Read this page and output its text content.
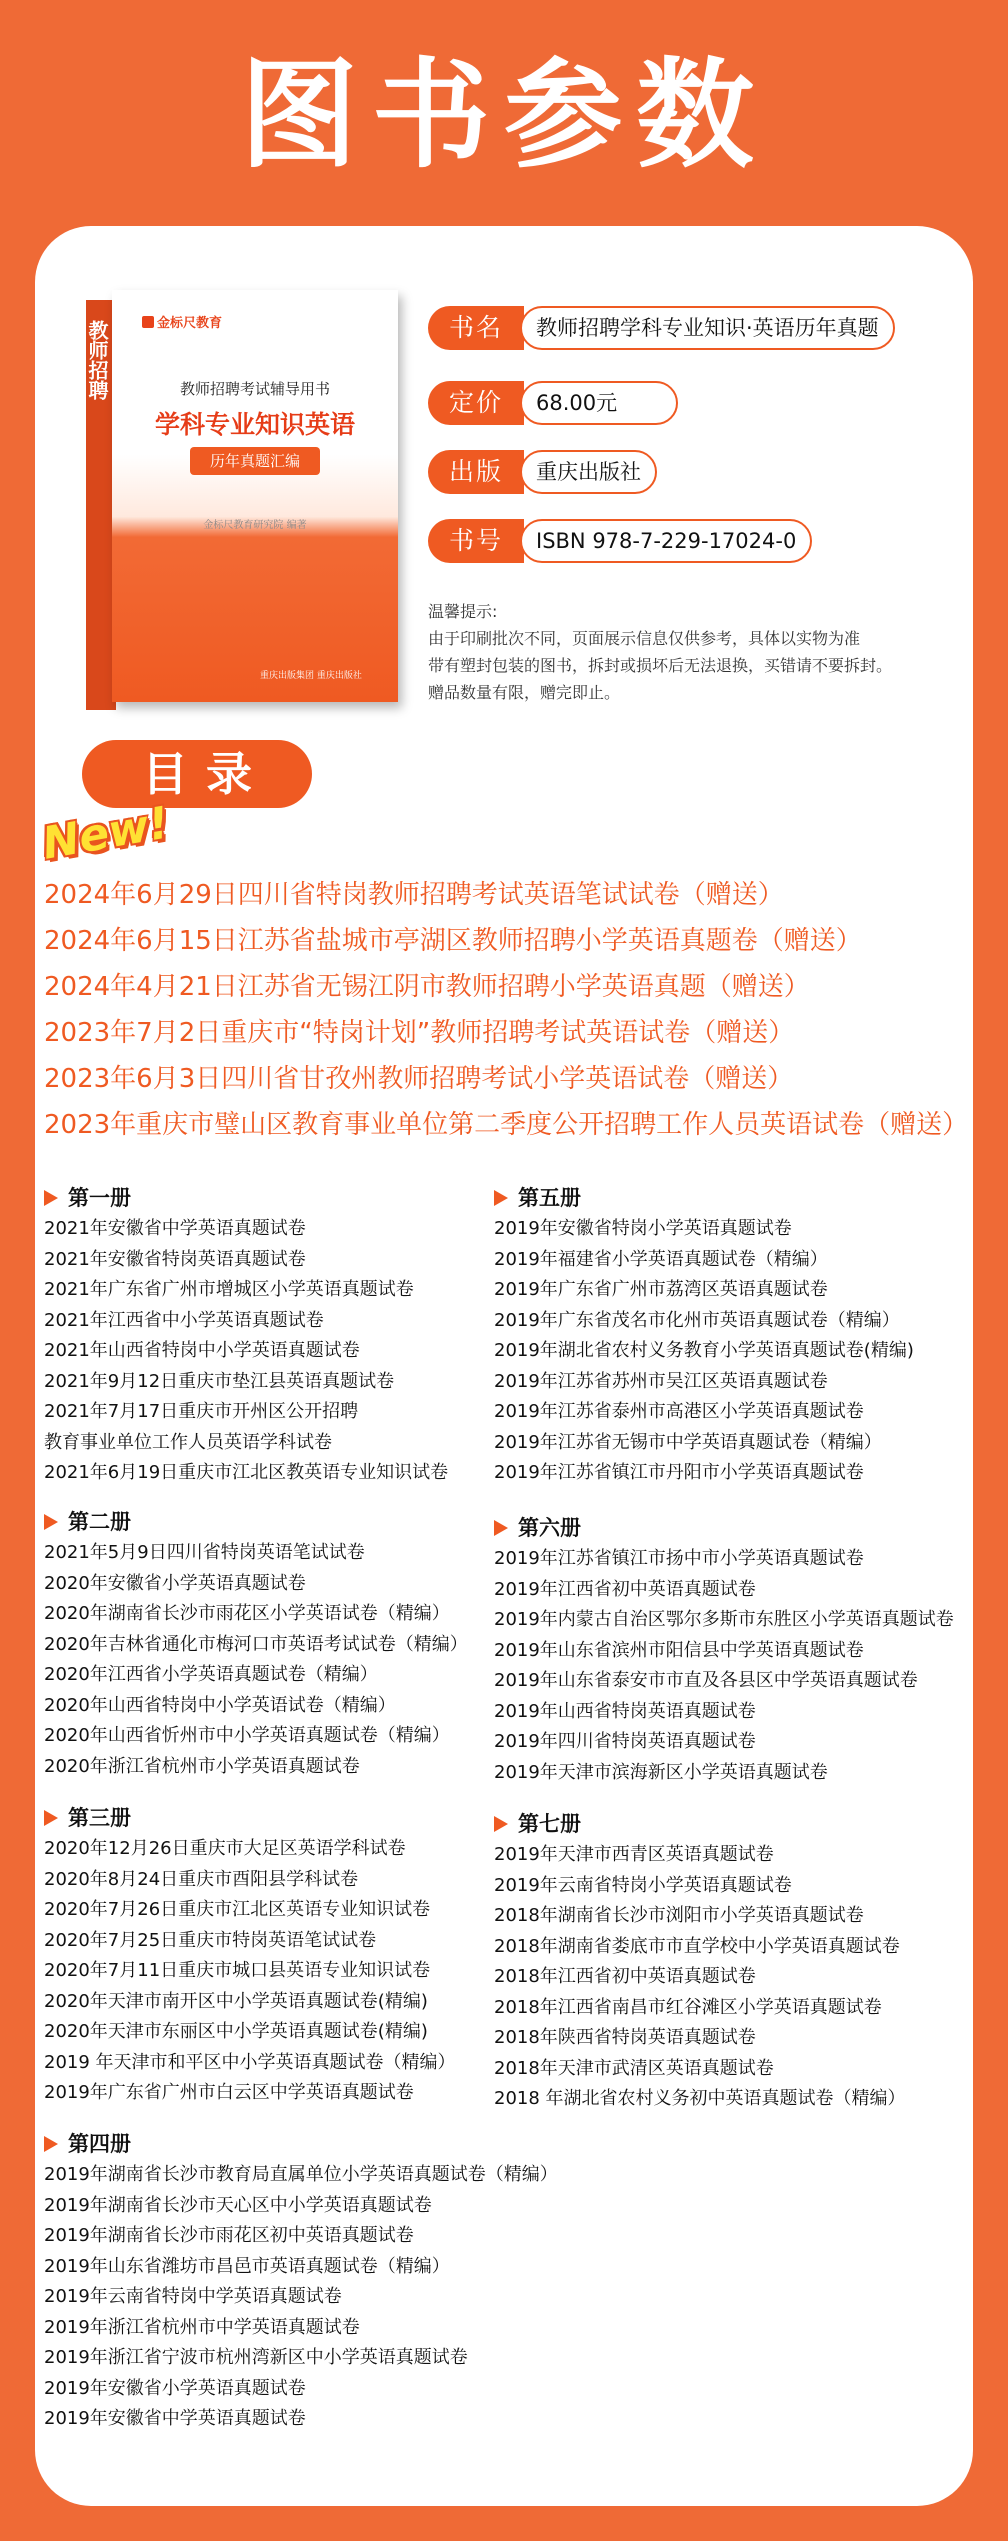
图书参数
教师招聘	金标尺教育
教师招聘考试辅导用书
学科专业知识英语
历年真题汇编
金标尺教育研究院 编著
重庆出版集团 重庆出版社
书名	教师招聘学科专业知识·英语历年真题
定价	68.00元
出版	重庆出版社
书号	ISBN 978-7-229-17024-0
温馨提示:
由于印刷批次不同，页面展示信息仅供参考，具体以实物为准
带有塑封包装的图书，拆封或损坏后无法退换，买错请不要拆封。
赠品数量有限，赠完即止。
目录
New!
2024年6月29日四川省特岗教师招聘考试英语笔试试卷（赠送）
2024年6月15日江苏省盐城市亭湖区教师招聘小学英语真题卷（赠送）
2024年4月21日江苏省无锡江阴市教师招聘小学英语真题（赠送）
2023年7月2日重庆市“特岗计划”教师招聘考试英语试卷（赠送）
2023年6月3日四川省甘孜州教师招聘考试小学英语试卷（赠送）
2023年重庆市璧山区教育事业单位第二季度公开招聘工作人员英语试卷（赠送）
第一册
2021年安徽省中学英语真题试卷
2021年安徽省特岗英语真题试卷
2021年广东省广州市增城区小学英语真题试卷
2021年江西省中小学英语真题试卷
2021年山西省特岗中小学英语真题试卷
2021年9月12日重庆市垫江县英语真题试卷
2021年7月17日重庆市开州区公开招聘
教育事业单位工作人员英语学科试卷
2021年6月19日重庆市江北区教英语专业知识试卷
第二册
2021年5月9日四川省特岗英语笔试试卷
2020年安徽省小学英语真题试卷
2020年湖南省长沙市雨花区小学英语试卷（精编）
2020年吉林省通化市梅河口市英语考试试卷（精编）
2020年江西省小学英语真题试卷（精编）
2020年山西省特岗中小学英语试卷（精编）
2020年山西省忻州市中小学英语真题试卷（精编）
2020年浙江省杭州市小学英语真题试卷
第三册
2020年12月26日重庆市大足区英语学科试卷
2020年8月24日重庆市酉阳县学科试卷
2020年7月26日重庆市江北区英语专业知识试卷
2020年7月25日重庆市特岗英语笔试试卷
2020年7月11日重庆市城口县英语专业知识试卷
2020年天津市南开区中小学英语真题试卷(精编)
2020年天津市东丽区中小学英语真题试卷(精编)
2019 年天津市和平区中小学英语真题试卷（精编）
2019年广东省广州市白云区中学英语真题试卷
第四册
2019年湖南省长沙市教育局直属单位小学英语真题试卷（精编）
2019年湖南省长沙市天心区中小学英语真题试卷
2019年湖南省长沙市雨花区初中英语真题试卷
2019年山东省潍坊市昌邑市英语真题试卷（精编）
2019年云南省特岗中学英语真题试卷
2019年浙江省杭州市中学英语真题试卷
2019年浙江省宁波市杭州湾新区中小学英语真题试卷
2019年安徽省小学英语真题试卷
2019年安徽省中学英语真题试卷
第五册
2019年安徽省特岗小学英语真题试卷
2019年福建省小学英语真题试卷（精编）
2019年广东省广州市荔湾区英语真题试卷
2019年广东省茂名市化州市英语真题试卷（精编）
2019年湖北省农村义务教育小学英语真题试卷(精编)
2019年江苏省苏州市吴江区英语真题试卷
2019年江苏省泰州市高港区小学英语真题试卷
2019年江苏省无锡市中学英语真题试卷（精编）
2019年江苏省镇江市丹阳市小学英语真题试卷
第六册
2019年江苏省镇江市扬中市小学英语真题试卷
2019年江西省初中英语真题试卷
2019年内蒙古自治区鄂尔多斯市东胜区小学英语真题试卷
2019年山东省滨州市阳信县中学英语真题试卷
2019年山东省泰安市市直及各县区中学英语真题试卷
2019年山西省特岗英语真题试卷
2019年四川省特岗英语真题试卷
2019年天津市滨海新区小学英语真题试卷
第七册
2019年天津市西青区英语真题试卷
2019年云南省特岗小学英语真题试卷
2018年湖南省长沙市浏阳市小学英语真题试卷
2018年湖南省娄底市市直学校中小学英语真题试卷
2018年江西省初中英语真题试卷
2018年江西省南昌市红谷滩区小学英语真题试卷
2018年陕西省特岗英语真题试卷
2018年天津市武清区英语真题试卷
2018 年湖北省农村义务初中英语真题试卷（精编）
